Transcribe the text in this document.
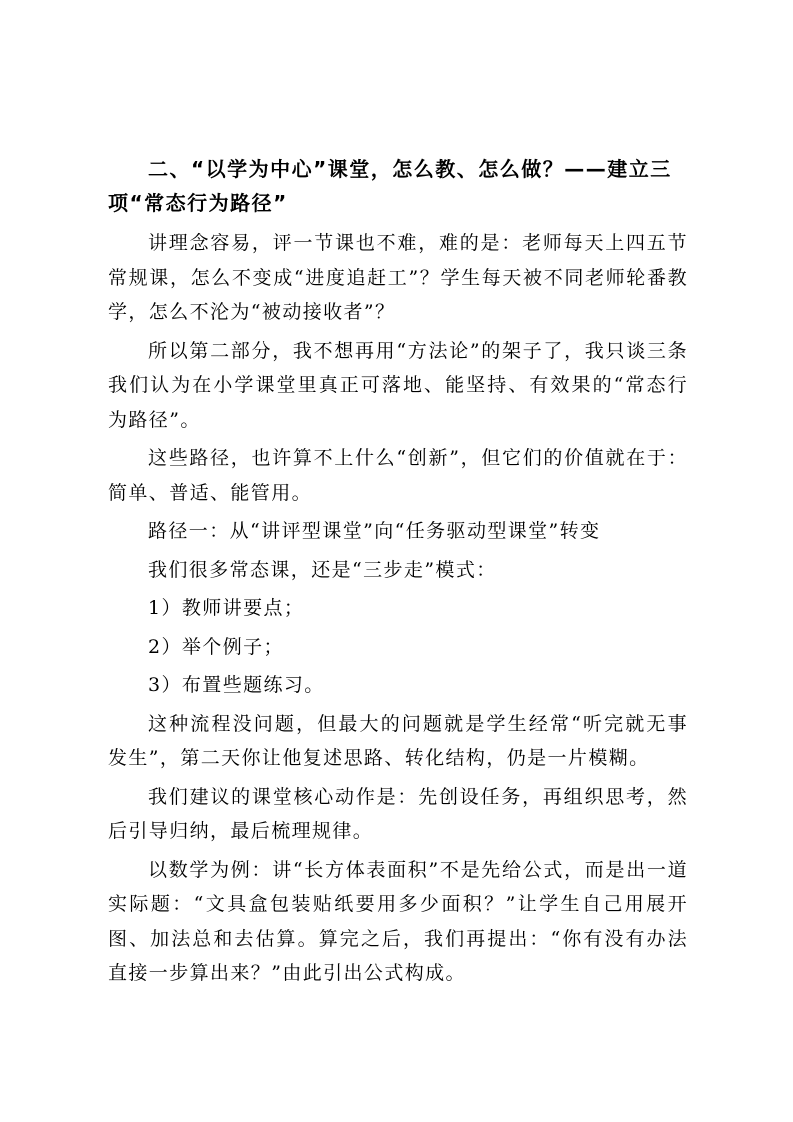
二、“以学为中心”课堂，怎么教、怎么做？——建立三项“常态行为路径”

讲理念容易，评一节课也不难，难的是：老师每天上四五节常规课，怎么不变成“进度追赶工”？学生每天被不同老师轮番教学，怎么不沦为“被动接收者”？

所以第二部分，我不想再用“方法论”的架子了，我只谈三条我们认为在小学课堂里真正可落地、能坚持、有效果的“常态行为路径”。

这些路径，也许算不上什么“创新”，但它们的价值就在于：简单、普适、能管用。

路径一：从“讲评型课堂”向“任务驱动型课堂”转变

我们很多常态课，还是“三步走”模式：

1）教师讲要点；

2）举个例子；

3）布置些题练习。

这种流程没问题，但最大的问题就是学生经常“听完就无事发生”，第二天你让他复述思路、转化结构，仍是一片模糊。

我们建议的课堂核心动作是：先创设任务，再组织思考，然后引导归纳，最后梳理规律。

以数学为例：讲“长方体表面积”不是先给公式，而是出一道实际题：“文具盒包装贴纸要用多少面积？”让学生自己用展开图、加法总和去估算。算完之后，我们再提出：“你有没有办法直接一步算出来？”由此引出公式构成。
